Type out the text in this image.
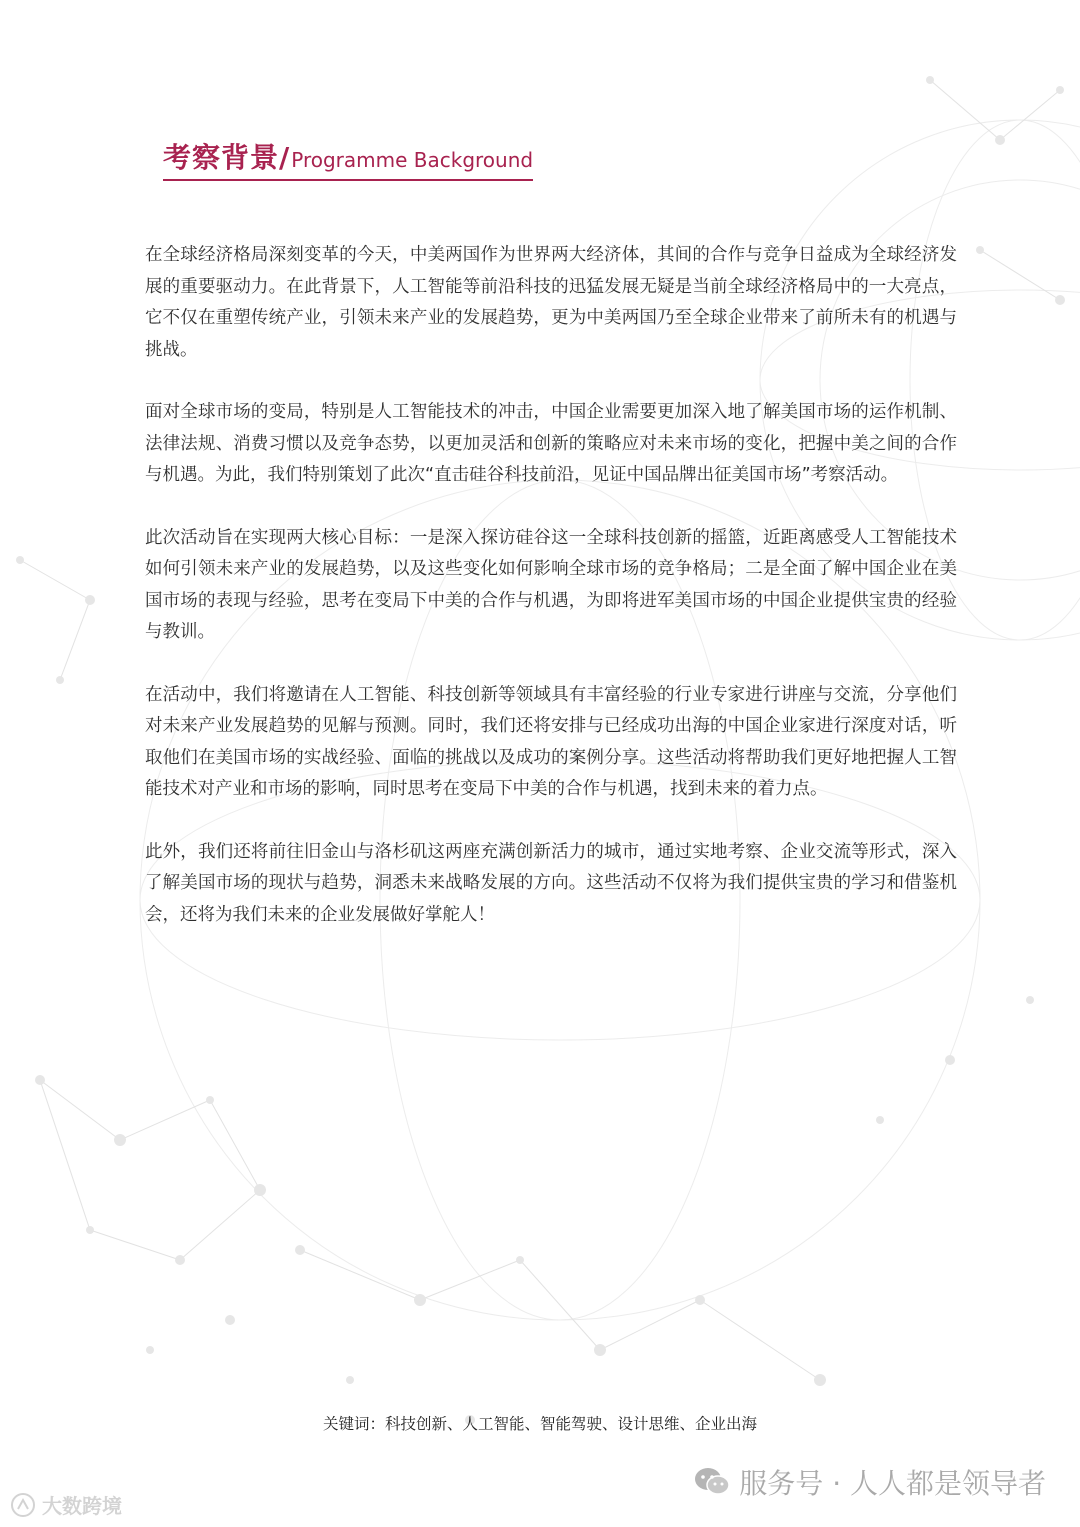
考察背景/ Programme Background

在全球经济格局深刻变革的今天，中美两国作为世界两大经济体，其间的合作与竞争日益成为全球经济发展的重要驱动力。在此背景下，人工智能等前沿科技的迅猛发展无疑是当前全球经济格局中的一大亮点，它不仅在重塑传统产业，引领未来产业的发展趋势，更为中美两国乃至全球企业带来了前所未有的机遇与挑战。

面对全球市场的变局，特别是人工智能技术的冲击，中国企业需要更加深入地了解美国市场的运作机制、法律法规、消费习惯以及竞争态势，以更加灵活和创新的策略应对未来市场的变化，把握中美之间的合作与机遇。为此，我们特别策划了此次“直击硅谷科技前沿，见证中国品牌出征美国市场”考察活动。

此次活动旨在实现两大核心目标：一是深入探访硅谷这一全球科技创新的摇篮，近距离感受人工智能技术如何引领未来产业的发展趋势，以及这些变化如何影响全球市场的竞争格局；二是全面了解中国企业在美国市场的表现与经验，思考在变局下中美的合作与机遇，为即将进军美国市场的中国企业提供宝贵的经验与教训。

在活动中，我们将邀请在人工智能、科技创新等领域具有丰富经验的行业专家进行讲座与交流，分享他们对未来产业发展趋势的见解与预测。同时，我们还将安排与已经成功出海的中国企业家进行深度对话，听取他们在美国市场的实战经验、面临的挑战以及成功的案例分享。这些活动将帮助我们更好地把握人工智能技术对产业和市场的影响，同时思考在变局下中美的合作与机遇，找到未来的着力点。

此外，我们还将前往旧金山与洛杉矶这两座充满创新活力的城市，通过实地考察、企业交流等形式，深入了解美国市场的现状与趋势，洞悉未来战略发展的方向。这些活动不仅将为我们提供宝贵的学习和借鉴机会，还将为我们未来的企业发展做好掌舵人！

关键词：科技创新、人工智能、智能驾驶、设计思维、企业出海
大数跨境
服务号 · 人人都是领导者
